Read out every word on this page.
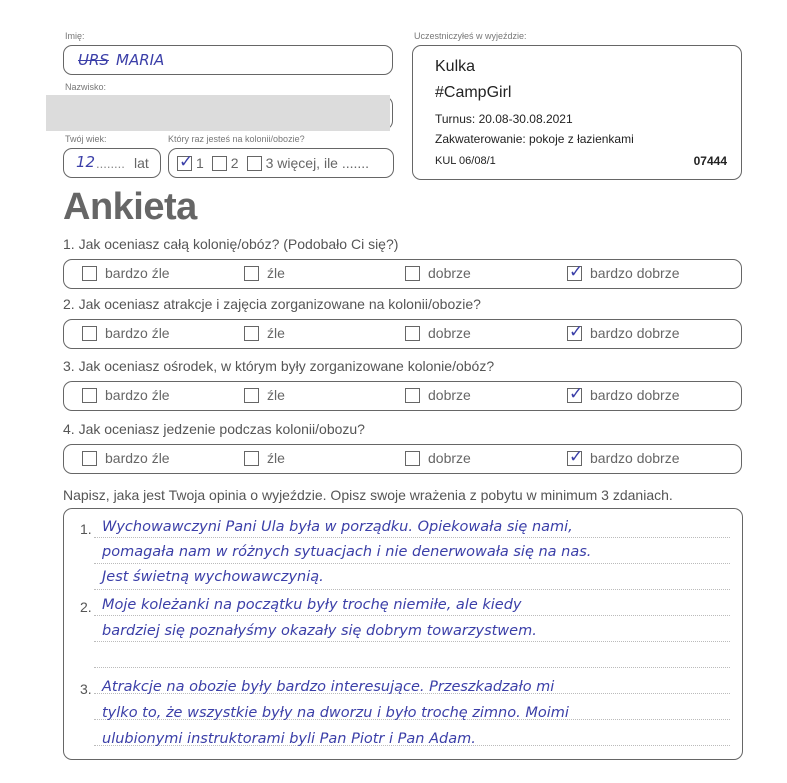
Imię:
URS MARIA
Nazwisko:
Twój wiek:	Który raz jesteś na kolonii/obozie?
12 ........ lat ✓	1 2 3 więcej, ile .......
Uczestniczyłeś w wyjeździe:
Kulka
#CampGirl
Turnus: 20.08-30.08.2021
Zakwaterowanie: pokoje z łazienkami
KUL 06/08/1	07444
Ankieta
1. Jak oceniasz całą kolonię/obóz? (Podobało Ci się?)
bardzo źle	źle	dobrze ✓	bardzo dobrze
2. Jak oceniasz atrakcje i zajęcia zorganizowane na kolonii/obozie?
bardzo źle	źle	dobrze ✓	bardzo dobrze
3. Jak oceniasz ośrodek, w którym były zorganizowane kolonie/obóz?
bardzo źle	źle	dobrze ✓	bardzo dobrze
4. Jak oceniasz jedzenie podczas kolonii/obozu?
bardzo źle	źle	dobrze ✓	bardzo dobrze
Napisz, jaka jest Twoja opinia o wyjeździe. Opisz swoje wrażenia z pobytu w minimum 3 zdaniach.
1.
2.
3.
Wychowawczyni Pani Ula była w porządku. Opiekowała się nami,
pomagała nam w różnych sytuacjach i nie denerwowała się na nas.
Jest świetną wychowawczynią.
Moje koleżanki na początku były trochę niemiłe, ale kiedy
bardziej się poznałyśmy okazały się dobrym towarzystwem.
Atrakcje na obozie były bardzo interesujące. Przeszkadzało mi
tylko to, że wszystkie były na dworzu i było trochę zimno. Moimi
ulubionymi instruktorami byli Pan Piotr i Pan Adam.
